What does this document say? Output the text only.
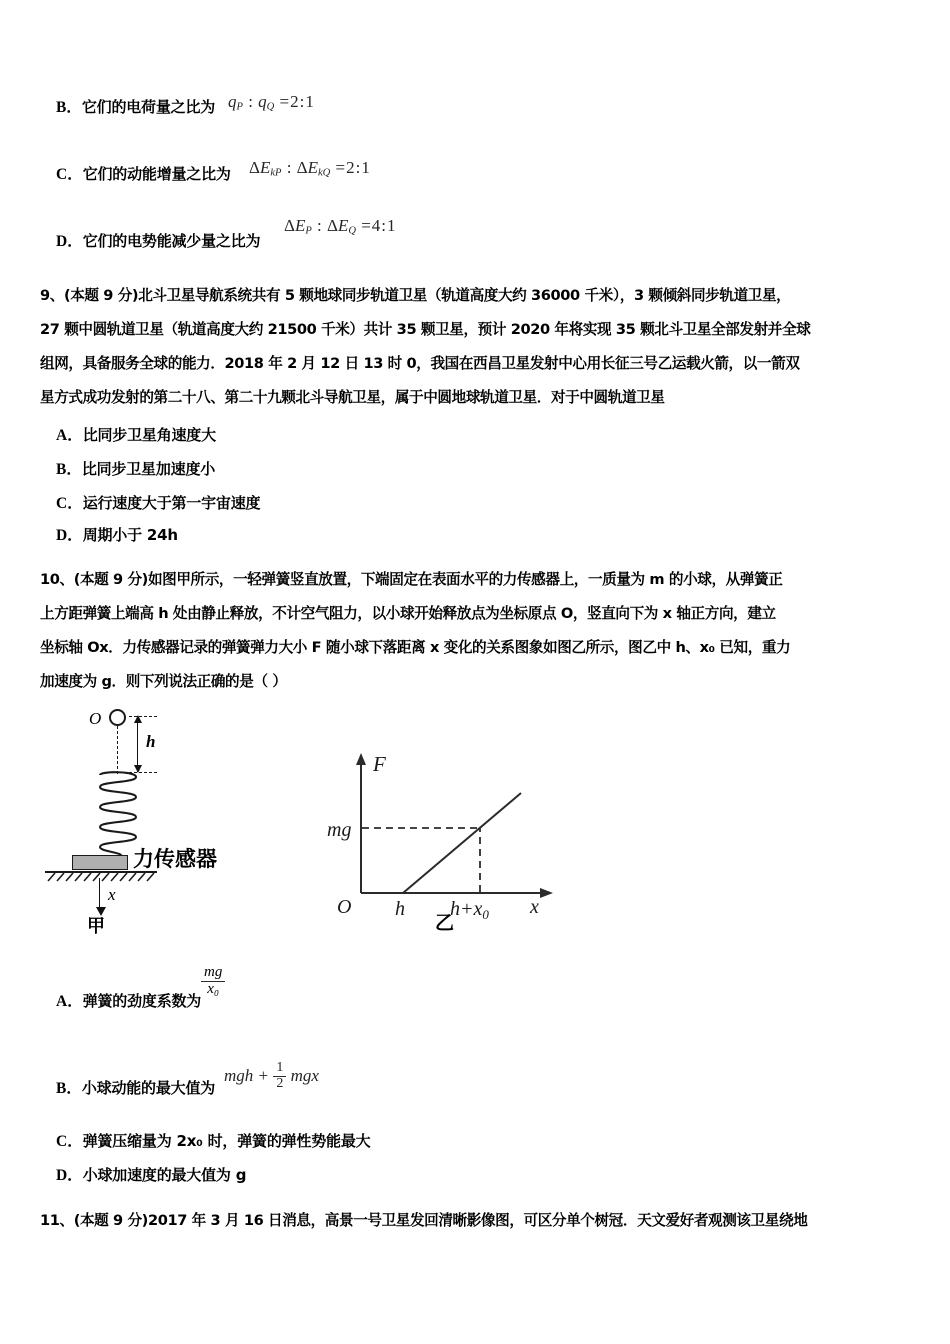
B．它们的电荷量之比为 $q_P$ : $q_Q$ =2:1
C．它们的动能增量之比为 $\Delta E_{kP}$ : $\Delta E_{kQ}$ =2:1
D．它们的电势能减少量之比为
$\Delta E_P$ : $\Delta E_Q$ =4:1
9、(本题 9 分)北斗卫星导航系统共有 5 颗地球同步轨道卫星（轨道高度大约 36000 千米），3 颗倾斜同步轨道卫星，
27 颗中圆轨道卫星（轨道高度大约 21500 千米）共计 35 颗卫星，预计 2020 年将实现 35 颗北斗卫星全部发射并全球
组网，具备服务全球的能力．2018 年 2 月 12 日 13 时 0，我国在西昌卫星发射中心用长征三号乙运载火箭，以一箭双
星方式成功发射的第二十八、第二十九颗北斗导航卫星，属于中圆地球轨道卫星．对于中圆轨道卫星
A．比同步卫星角速度大
B．比同步卫星加速度小
C．运行速度大于第一宇宙速度
D．周期小于 24h
10、(本题 9 分)如图甲所示，一轻弹簧竖直放置，下端固定在表面水平的力传感器上，一质量为 m 的小球，从弹簧正
上方距弹簧上端高 h 处由静止释放，不计空气阻力，以小球开始释放点为坐标原点 O，竖直向下为 x 轴正方向，建立
坐标轴 Ox．力传感器记录的弹簧弹力大小 F 随小球下落距离 x 变化的关系图象如图乙所示，图乙中 h、x₀ 已知，重力
加速度为 g．则下列说法正确的是（ ）
O
h
力传感器
x
甲
F
x
O
mg
h $h+x_0$
乙
A．弹簧的劲度系数为
$\frac{mg}{\text{x₀}}$
B．小球动能的最大值为
mgh + $\frac{1}{2}$ mgx
C．弹簧压缩量为 2x₀ 时，弹簧的弹性势能最大
D．小球加速度的最大值为 g
11、(本题 9 分)2017 年 3 月 16 日消息，高景一号卫星发回清晰影像图，可区分单个树冠．天文爱好者观测该卫星绕地
